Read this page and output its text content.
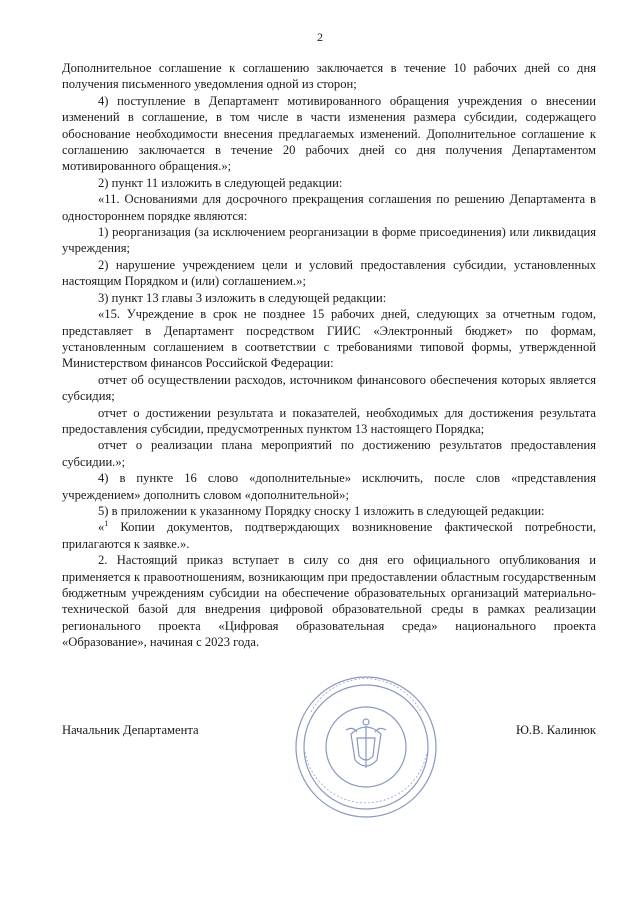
2

Дополнительное соглашение к соглашению заключается в течение 10 рабочих дней со дня получения письменного уведомления одной из сторон;

4) поступление в Департамент мотивированного обращения учреждения о внесении изменений в соглашение, в том числе в части изменения размера субсидии, содержащего обоснование необходимости внесения предлагаемых изменений. Дополнительное соглашение к соглашению заключается в течение 20 рабочих дней со дня получения Департаментом мотивированного обращения.»;

2) пункт 11 изложить в следующей редакции:

«11. Основаниями для досрочного прекращения соглашения по решению Департамента в одностороннем порядке являются:

1) реорганизация (за исключением реорганизации в форме присоединения) или ликвидация учреждения;

2) нарушение учреждением цели и условий предоставления субсидии, установленных настоящим Порядком и (или) соглашением.»;

3) пункт 13 главы 3 изложить в следующей редакции:

«15. Учреждение в срок не позднее 15 рабочих дней, следующих за отчетным годом, представляет в Департамент посредством ГИИС «Электронный бюджет» по формам, установленным соглашением в соответствии с требованиями типовой формы, утвержденной Министерством финансов Российской Федерации:

отчет об осуществлении расходов, источником финансового обеспечения которых является субсидия;

отчет о достижении результата и показателей, необходимых для достижения результата предоставления субсидии, предусмотренных пунктом 13 настоящего Порядка;

отчет о реализации плана мероприятий по достижению результатов предоставления субсидии.»;

4) в пункте 16 слово «дополнительные» исключить, после слов «представления учреждением» дополнить словом «дополнительной»;

5) в приложении к указанному Порядку сноску 1 изложить в следующей редакции:

«$^1$ Копии документов, подтверждающих возникновение фактической потребности, прилагаются к заявке.».

2. Настоящий приказ вступает в силу со дня его официального опубликования и применяется к правоотношениям, возникающим при предоставлении областным государственным бюджетным учреждениям субсидии на обеспечение образовательных организаций материально-технической базой для внедрения цифровой образовательной среды в рамках реализации регионального проекта «Цифровая образовательная среда» национального проекта «Образование», начиная с 2023 года.

Начальник Департамента	Ю.В. Калинюк
